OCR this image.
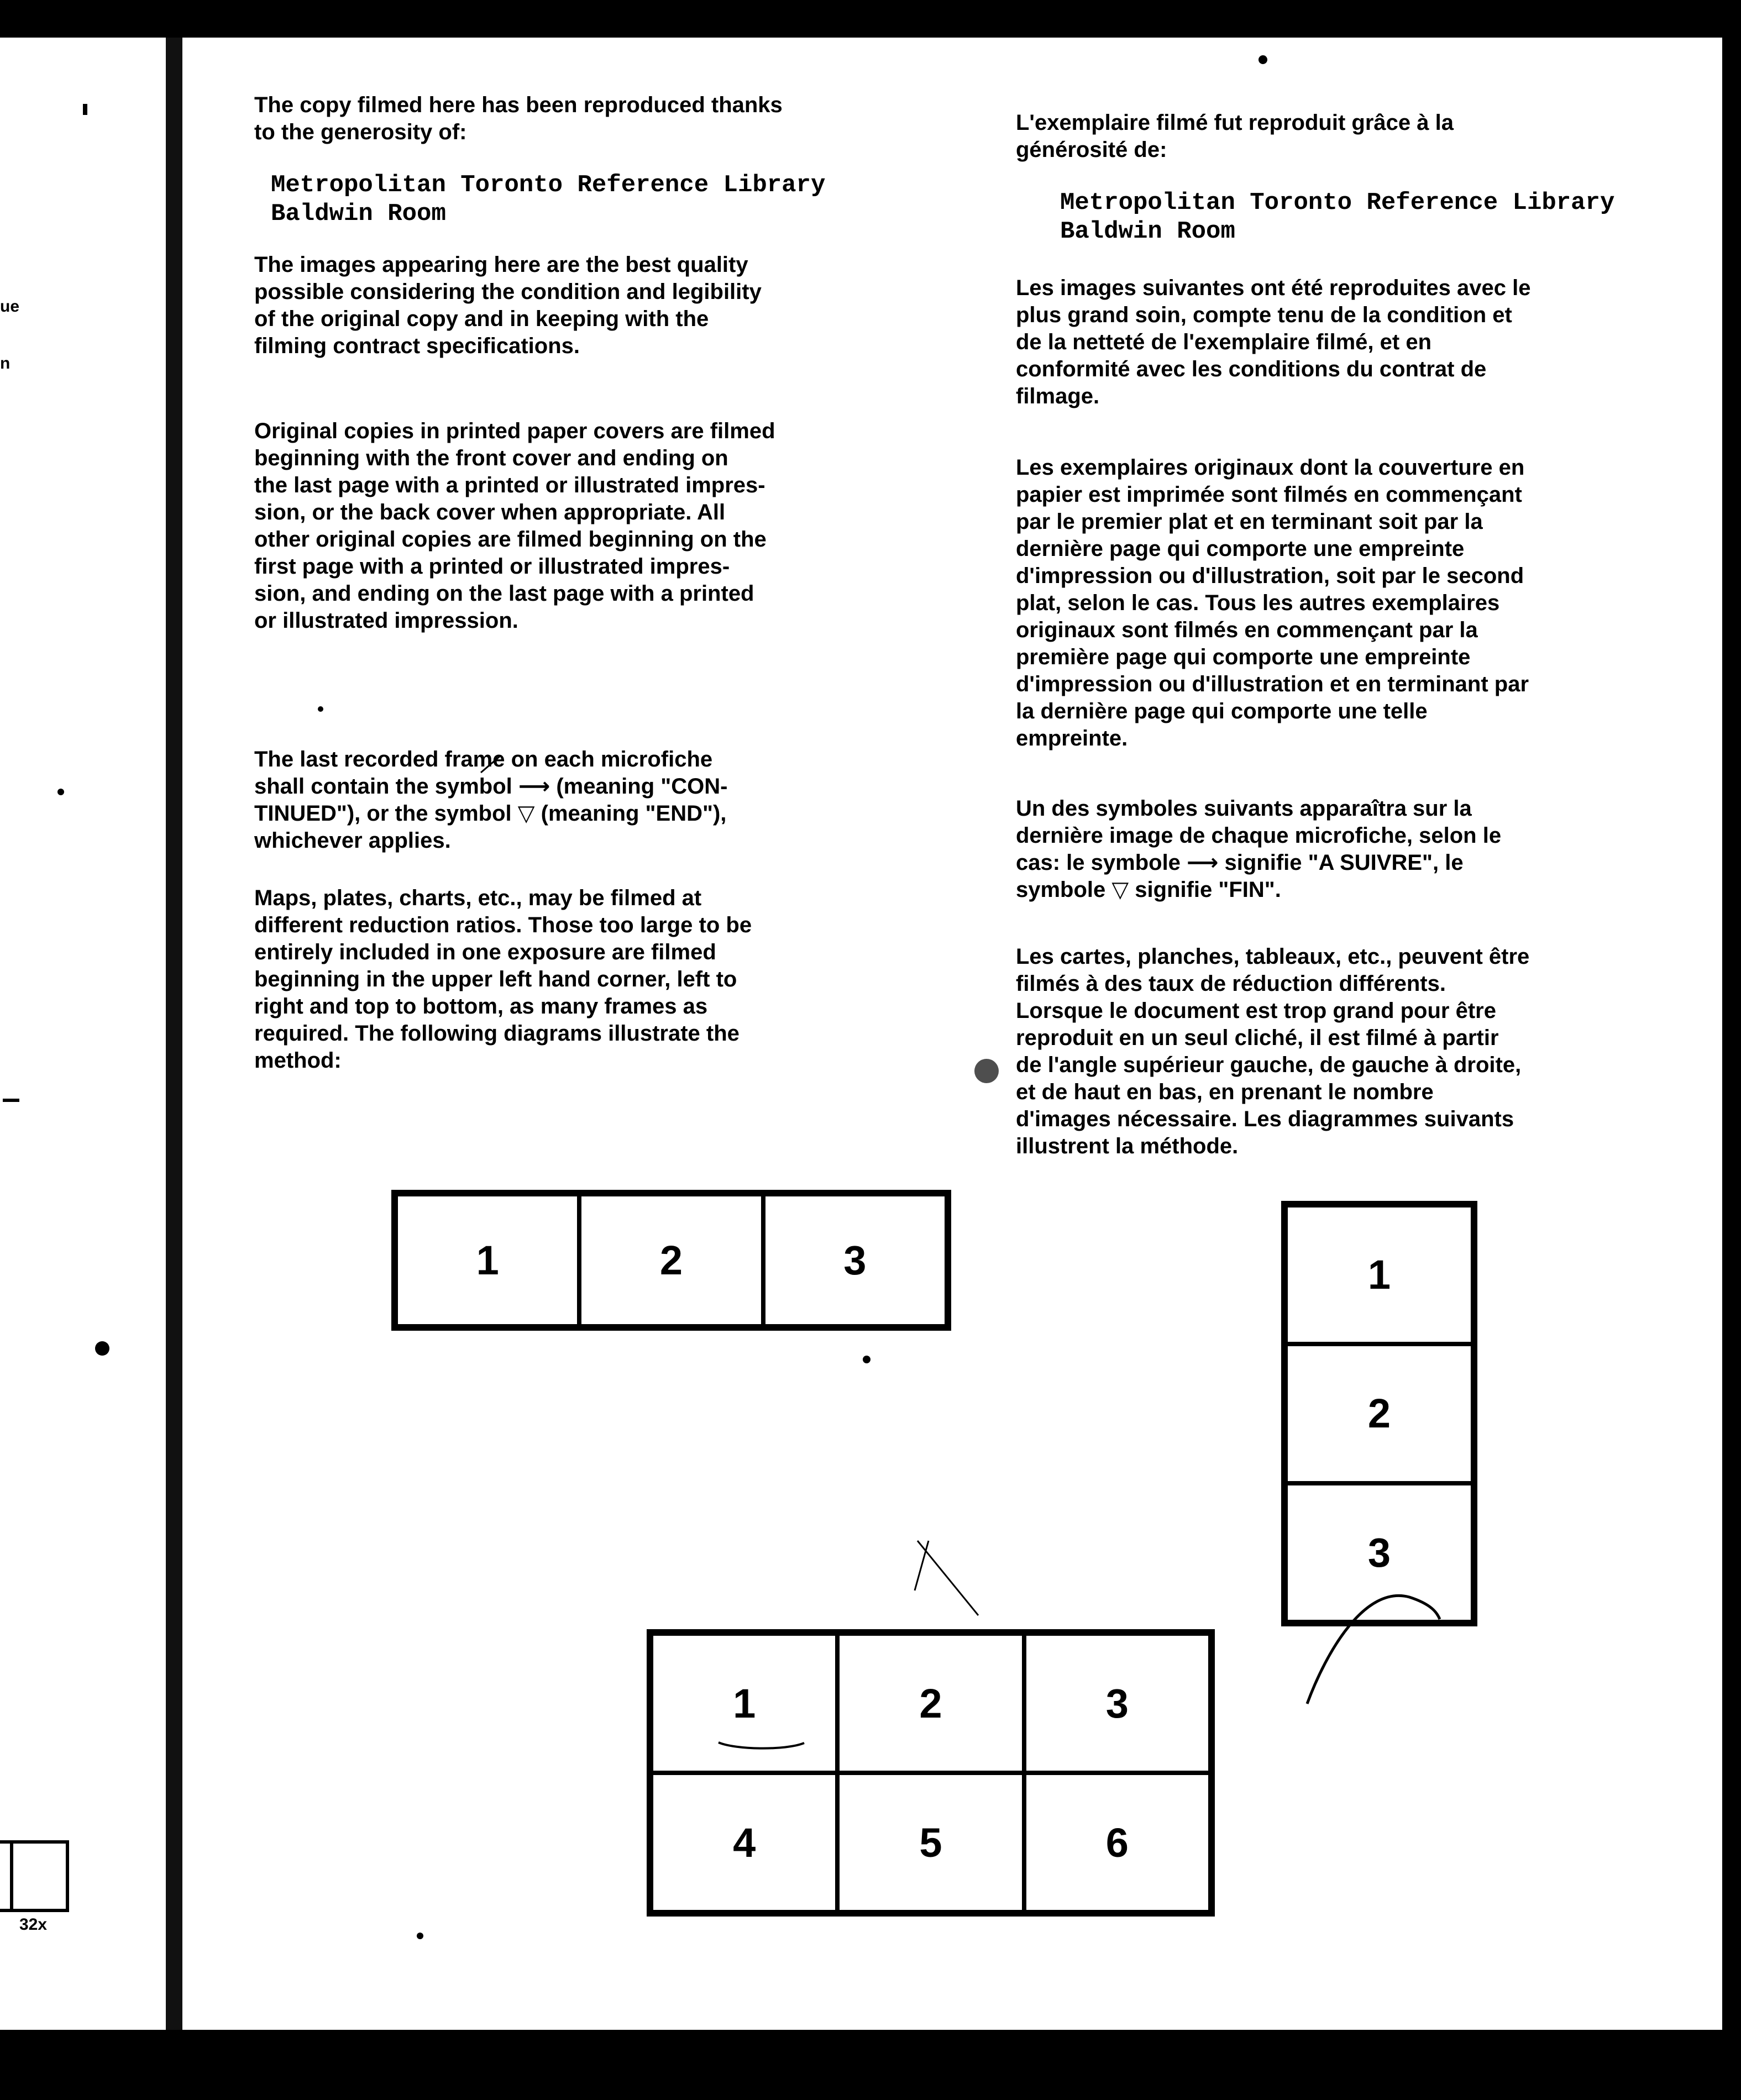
ue
n
32x

The copy filmed here has been reproduced thanks
to the generosity of:

Metropolitan Toronto Reference Library
Baldwin Room

The images appearing here are the best quality
possible considering the condition and legibility
of the original copy and in keeping with the
filming contract specifications.

Original copies in printed paper covers are filmed
beginning with the front cover and ending on
the last page with a printed or illustrated impres-
sion, or the back cover when appropriate. All
other original copies are filmed beginning on the
first page with a printed or illustrated impres-
sion, and ending on the last page with a printed
or illustrated impression.

The last recorded frame on each microfiche
shall contain the symbol ⟶ (meaning "CON-
TINUED"), or the symbol ▽ (meaning "END"),
whichever applies.

Maps, plates, charts, etc., may be filmed at
different reduction ratios. Those too large to be
entirely included in one exposure are filmed
beginning in the upper left hand corner, left to
right and top to bottom, as many frames as
required. The following diagrams illustrate the
method:

L'exemplaire filmé fut reproduit grâce à la
générosité de:

Metropolitan Toronto Reference Library
Baldwin Room

Les images suivantes ont été reproduites avec le
plus grand soin, compte tenu de la condition et
de la netteté de l'exemplaire filmé, et en
conformité avec les conditions du contrat de
filmage.

Les exemplaires originaux dont la couverture en
papier est imprimée sont filmés en commençant
par le premier plat et en terminant soit par la
dernière page qui comporte une empreinte
d'impression ou d'illustration, soit par le second
plat, selon le cas. Tous les autres exemplaires
originaux sont filmés en commençant par la
première page qui comporte une empreinte
d'impression ou d'illustration et en terminant par
la dernière page qui comporte une telle
empreinte.

Un des symboles suivants apparaîtra sur la
dernière image de chaque microfiche, selon le
cas: le symbole ⟶ signifie "A SUIVRE", le
symbole ▽ signifie "FIN".

Les cartes, planches, tableaux, etc., peuvent être
filmés à des taux de réduction différents.
Lorsque le document est trop grand pour être
reproduit en un seul cliché, il est filmé à partir
de l'angle supérieur gauche, de gauche à droite,
et de haut en bas, en prenant le nombre
d'images nécessaire. Les diagrammes suivants
illustrent la méthode.

1	2	3	1
2
3
1	2	3
4	5	6
